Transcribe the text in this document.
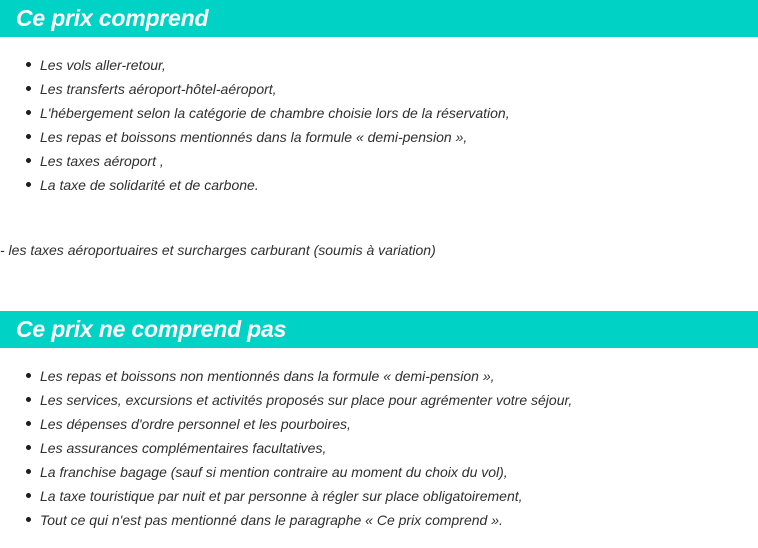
Ce prix comprend
Les vols aller-retour,
Les transferts aéroport-hôtel-aéroport,
L'hébergement selon la catégorie de chambre choisie lors de la réservation,
Les repas et boissons mentionnés dans la formule « demi-pension »,
Les taxes aéroport ,
La taxe de solidarité et de carbone.
- les taxes aéroportuaires et surcharges carburant (soumis à variation)
Ce prix ne comprend pas
Les repas et boissons non mentionnés dans la formule « demi-pension »,
Les services, excursions et activités proposés sur place pour agrémenter votre séjour,
Les dépenses d'ordre personnel et les pourboires,
Les assurances complémentaires facultatives,
La franchise bagage (sauf si mention contraire au moment du choix du vol),
La taxe touristique par nuit et par personne à régler sur place obligatoirement,
Tout ce qui n'est pas mentionné dans le paragraphe « Ce prix comprend ».
